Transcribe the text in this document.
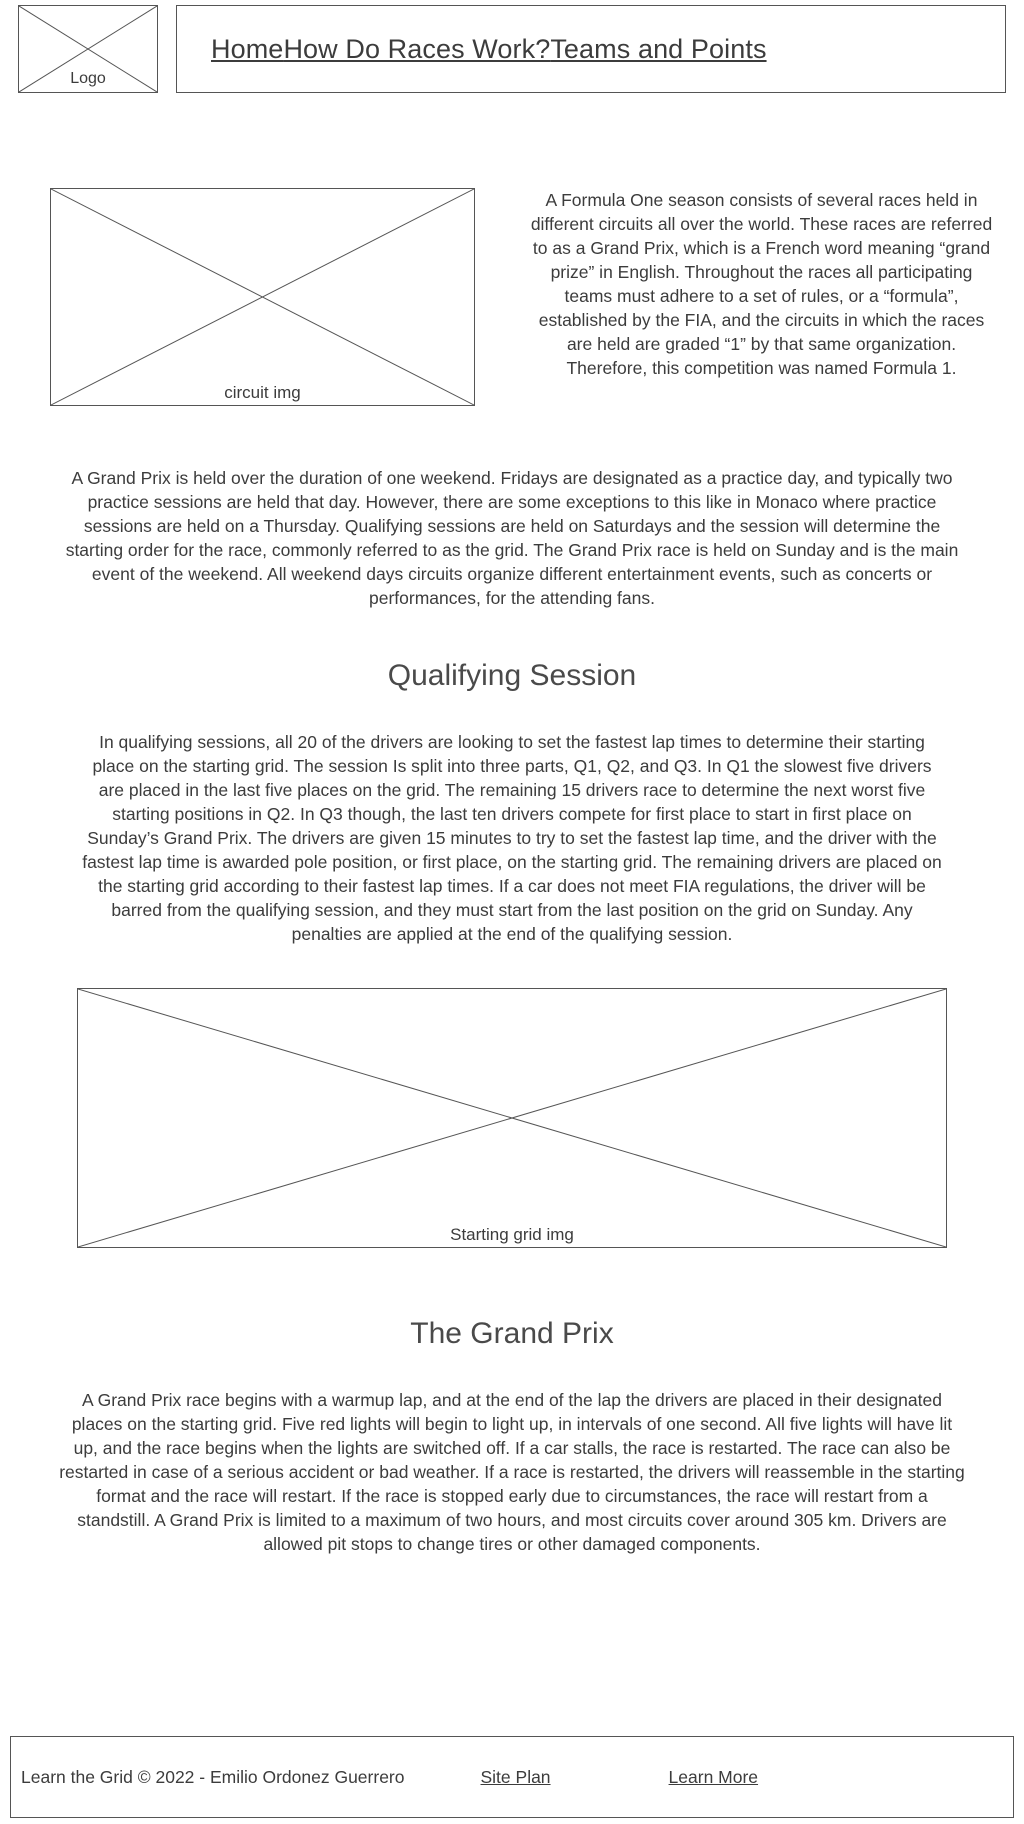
Logo
Home How Do Races Work? Teams and Points
circuit img

A Formula One season consists of several races held in different circuits all over the world. These races are referred to as a Grand Prix, which is a French word meaning “grand prize” in English. Throughout the races all participating teams must adhere to a set of rules, or a “formula”, established by the FIA, and the circuits in which the races are held are graded “1” by that same organization. Therefore, this competition was named Formula 1.

A Grand Prix is held over the duration of one weekend. Fridays are designated as a practice day, and typically two practice sessions are held that day. However, there are some exceptions to this like in Monaco where practice sessions are held on a Thursday. Qualifying sessions are held on Saturdays and the session will determine the starting order for the race, commonly referred to as the grid. The Grand Prix race is held on Sunday and is the main event of the weekend. All weekend days circuits organize different entertainment events, such as concerts or performances, for the attending fans.

Qualifying Session

In qualifying sessions, all 20 of the drivers are looking to set the fastest lap times to determine their starting place on the starting grid. The session Is split into three parts, Q1, Q2, and Q3. In Q1 the slowest five drivers are placed in the last five places on the grid. The remaining 15 drivers race to determine the next worst five starting positions in Q2. In Q3 though, the last ten drivers compete for first place to start in first place on Sunday’s Grand Prix. The drivers are given 15 minutes to try to set the fastest lap time, and the driver with the fastest lap time is awarded pole position, or first place, on the starting grid. The remaining drivers are placed on the starting grid according to their fastest lap times. If a car does not meet FIA regulations, the driver will be barred from the qualifying session, and they must start from the last position on the grid on Sunday. Any penalties are applied at the end of the qualifying session.

Starting grid img
The Grand Prix

A Grand Prix race begins with a warmup lap, and at the end of the lap the drivers are placed in their designated places on the starting grid. Five red lights will begin to light up, in intervals of one second. All five lights will have lit up, and the race begins when the lights are switched off. If a car stalls, the race is restarted. The race can also be restarted in case of a serious accident or bad weather. If a race is restarted, the drivers will reassemble in the starting format and the race will restart. If the race is stopped early due to circumstances, the race will restart from a standstill. A Grand Prix is limited to a maximum of two hours, and most circuits cover around 305 km. Drivers are allowed pit stops to change tires or other damaged components.

Learn the Grid © 2022 - Emilio Ordonez Guerrero	Site Plan	Learn More
